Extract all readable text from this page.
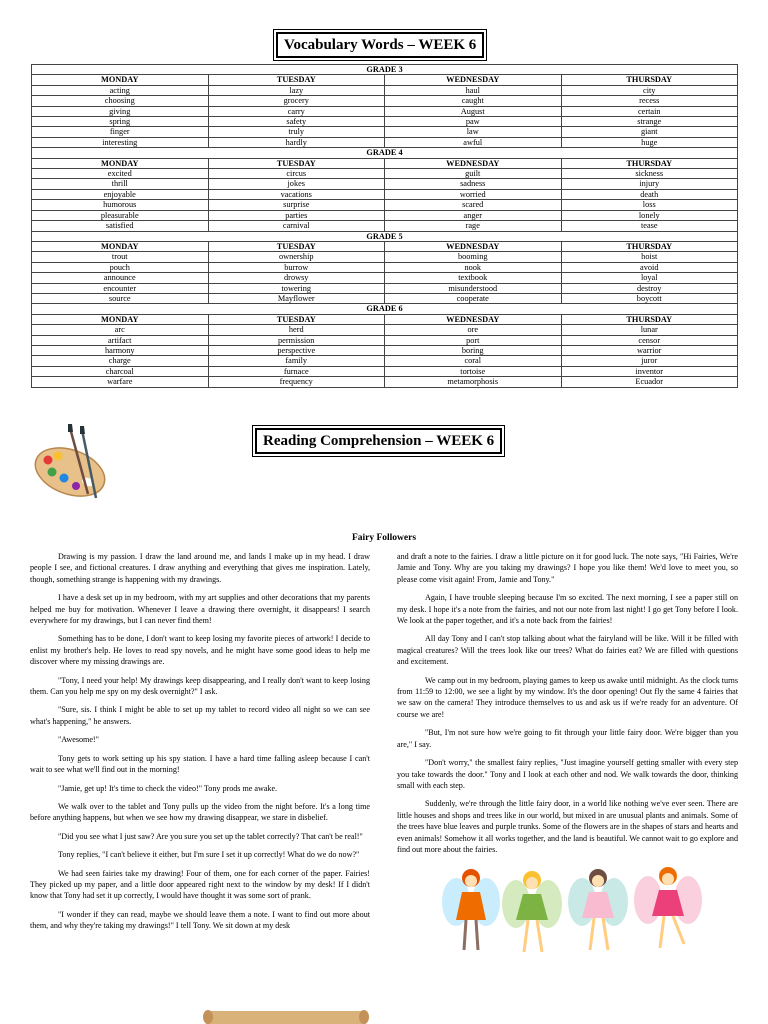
Vocabulary Words – WEEK 6
GRADE 3			
MONDAY	TUESDAY	WEDNESDAY	THURSDAY
acting	lazy	haul	city
choosing	grocery	caught	recess
giving	carry	August	certain
spring	safety	paw	strange
finger	truly	law	giant
interesting	hardly	awful	huge
GRADE 4			
MONDAY	TUESDAY	WEDNESDAY	THURSDAY
excited	circus	guilt	sickness
thrill	jokes	sadness	injury
enjoyable	vacations	worried	death
humorous	surprise	scared	loss
pleasurable	parties	anger	lonely
satisfied	carnival	rage	tease
GRADE 5			
MONDAY	TUESDAY	WEDNESDAY	THURSDAY
trout	ownership	booming	hoist
pouch	burrow	nook	avoid
announce	drowsy	textbook	loyal
encounter	towering	misunderstood	destroy
source	Mayflower	cooperate	boycott
GRADE 6			
MONDAY	TUESDAY	WEDNESDAY	THURSDAY
arc	herd	ore	lunar
artifact	permission	port	censor
harmony	perspective	boring	warrior
charge	family	coral	juror
charcoal	furnace	tortoise	inventor
warfare	frequency	metamorphosis	Ecuador
Reading Comprehension – WEEK 6
Fairy Followers

Drawing is my passion. I draw the land around me, and lands I make up in my head. I draw people I see, and fictional creatures. I draw anything and everything that gives me inspiration. Lately, though, something strange is happening with my drawings.

I have a desk set up in my bedroom, with my art supplies and other decorations that my parents helped me buy for motivation. Whenever I leave a drawing there overnight, it disappears! I search everywhere for my drawings, but I can never find them!

Something has to be done, I don't want to keep losing my favorite pieces of artwork! I decide to enlist my brother's help. He loves to read spy novels, and he might have some good ideas to help me discover where my missing drawings are.

"Tony, I need your help! My drawings keep disappearing, and I really don't want to keep losing them. Can you help me spy on my desk overnight?" I ask.

"Sure, sis. I think I might be able to set up my tablet to record video all night so we can see what's happening," he answers.

"Awesome!"

Tony gets to work setting up his spy station. I have a hard time falling asleep because I can't wait to see what we'll find out in the morning!

"Jamie, get up! It's time to check the video!" Tony prods me awake.

We walk over to the tablet and Tony pulls up the video from the night before. It's a long time before anything happens, but when we see how my drawing disappear, we stare in disbelief.

"Did you see what I just saw? Are you sure you set up the tablet correctly? That can't be real!"

Tony replies, "I can't believe it either, but I'm sure I set it up correctly! What do we do now?"

We had seen fairies take my drawing! Four of them, one for each corner of the paper. Fairies! They picked up my paper, and a little door appeared right next to the window by my desk! If I didn't know that Tony had set it up correctly, I would have thought it was some sort of prank.

"I wonder if they can read, maybe we should leave them a note. I want to find out more about them, and why they're taking my drawings!" I tell Tony. We sit down at my desk

and draft a note to the fairies. I draw a little picture on it for good luck. The note says, "Hi Fairies, We're Jamie and Tony. Why are you taking my drawings? I hope you like them! We'd love to meet you, so please come visit again! From, Jamie and Tony."

Again, I have trouble sleeping because I'm so excited. The next morning, I see a paper still on my desk. I hope it's a note from the fairies, and not our note from last night! I go get Tony before I look. We look at the paper together, and it's a note back from the fairies!

All day Tony and I can't stop talking about what the fairyland will be like. Will it be filled with magical creatures? Will the trees look like our trees? What do fairies eat? We are filled with questions and excitement.

We camp out in my bedroom, playing games to keep us awake until midnight. As the clock turns from 11:59 to 12:00, we see a light by my window. It's the door opening! Out fly the same 4 fairies that we saw on the camera! They introduce themselves to us and ask us if we're ready for an adventure. Of course we are!

"But, I'm not sure how we're going to fit through your little fairy door. We're bigger than you are," I say.

"Don't worry," the smallest fairy replies, "Just imagine yourself getting smaller with every step you take towards the door." Tony and I look at each other and nod. We walk towards the door, thinking small with each step.

Suddenly, we're through the little fairy door, in a world like nothing we've ever seen. There are little houses and shops and trees like in our world, but mixed in are unusual plants and animals. Some of the trees have blue leaves and purple trunks. Some of the flowers are in the shapes of stars and hearts and even animals! Somehow it all works together, and the land is beautiful. We cannot wait to go explore and find out more about the fairies.
